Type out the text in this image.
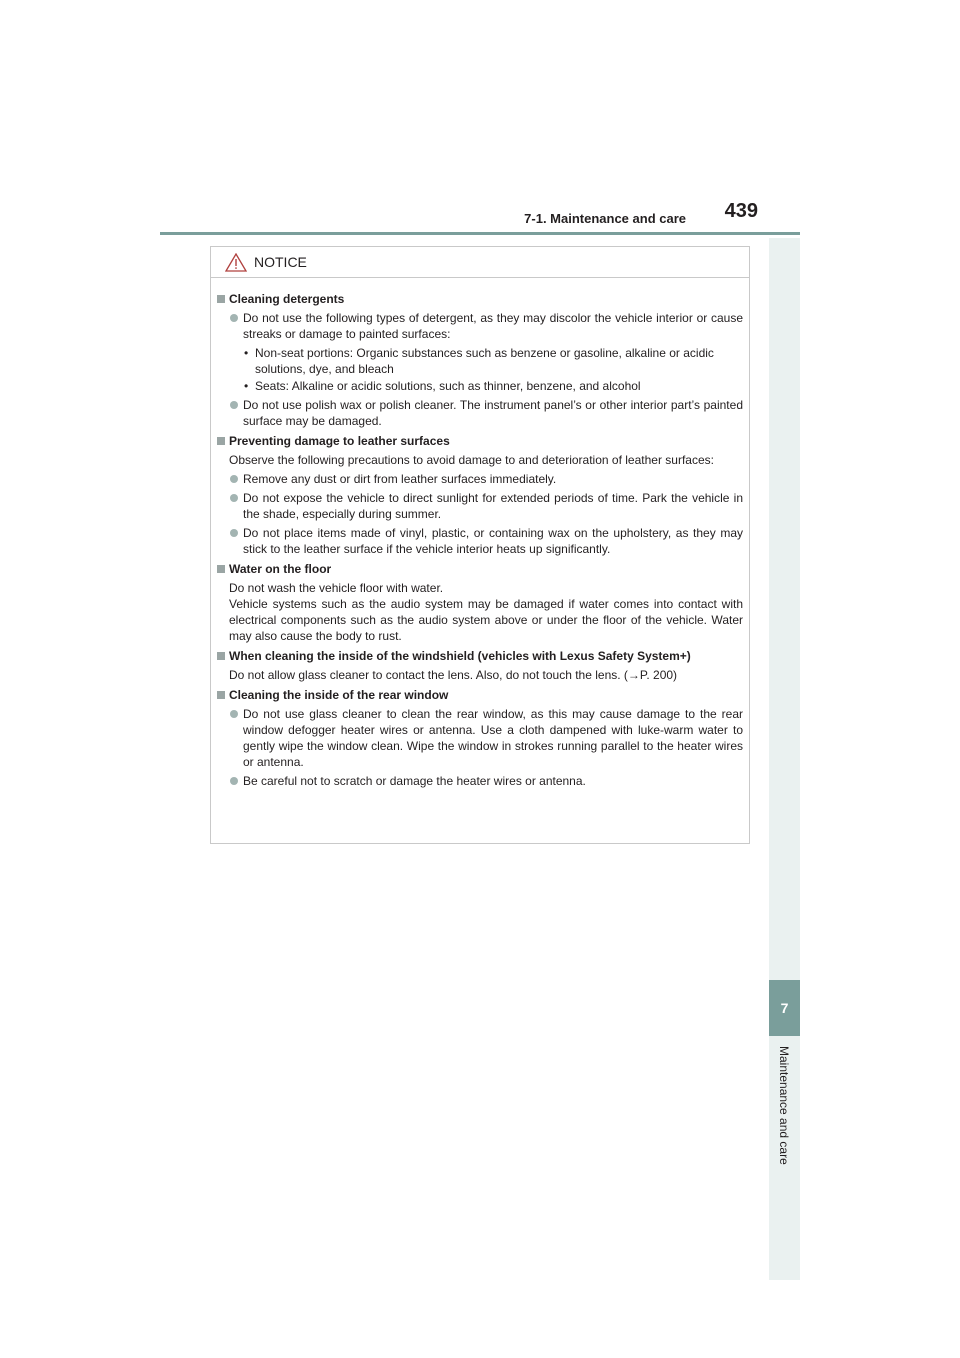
7-1. Maintenance and care 439
7
Maintenance and care
NOTICE
Cleaning detergents
Do not use the following types of detergent, as they may discolor the vehicle interior or cause streaks or damage to painted surfaces:
• Non-seat portions: Organic substances such as benzene or gasoline, alkaline or acidic solutions, dye, and bleach
• Seats: Alkaline or acidic solutions, such as thinner, benzene, and alcohol
Do not use polish wax or polish cleaner. The instrument panel’s or other interior part’s painted surface may be damaged.
Preventing damage to leather surfaces
Observe the following precautions to avoid damage to and deterioration of leather surfaces:
Remove any dust or dirt from leather surfaces immediately.
Do not expose the vehicle to direct sunlight for extended periods of time. Park the vehicle in the shade, especially during summer.
Do not place items made of vinyl, plastic, or containing wax on the upholstery, as they may stick to the leather surface if the vehicle interior heats up significantly.
Water on the floor
Do not wash the vehicle floor with water.
Vehicle systems such as the audio system may be damaged if water comes into contact with electrical components such as the audio system above or under the floor of the vehicle. Water may also cause the body to rust.
When cleaning the inside of the windshield (vehicles with Lexus Safety System+)
Do not allow glass cleaner to contact the lens. Also, do not touch the lens. (→P. 200)
Cleaning the inside of the rear window
Do not use glass cleaner to clean the rear window, as this may cause damage to the rear window defogger heater wires or antenna. Use a cloth dampened with luke-warm water to gently wipe the window clean. Wipe the window in strokes running parallel to the heater wires or antenna.
Be careful not to scratch or damage the heater wires or antenna.
